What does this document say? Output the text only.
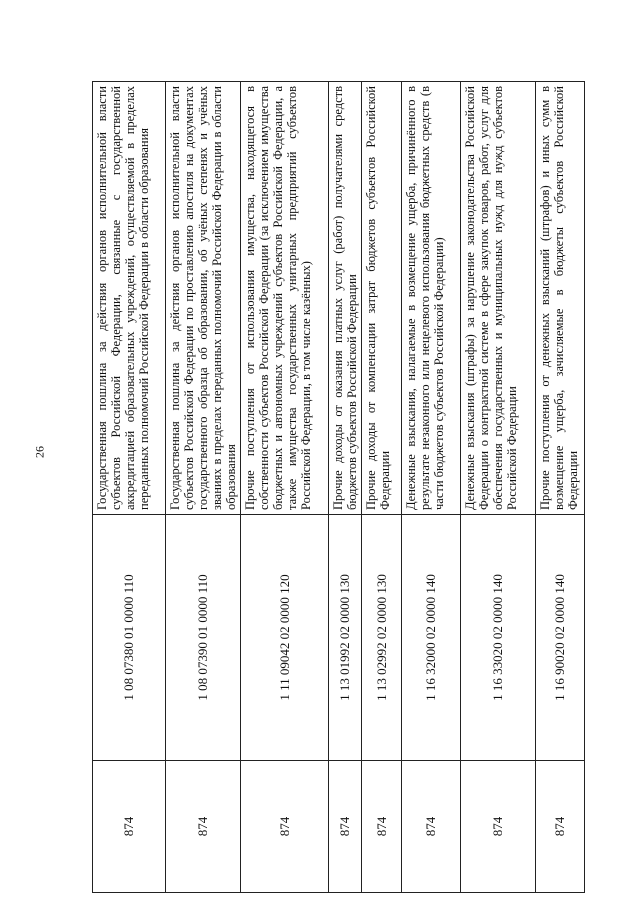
26
874	1 08 07380 01 0000 110	Государственная пошлина за действия органов исполнительной власти субъектов Российской Федерации, связанные с государственной аккредитацией образовательных учреждений, осуществляемой в пределах переданных полномочий Российской Федерации в области образования
874	1 08 07390 01 0000 110	Государственная пошлина за действия органов исполнительной власти субъектов Российской Федерации по проставлению апостиля на документах государственного образца об образовании, об учёных степенях и учёных званиях в пределах переданных полномочий Российской Федерации в области образования
874	1 11 09042 02 0000 120	Прочие поступления от использования имущества, находящегося в собственности субъектов Российской Федерации (за исключением имущества бюджетных и автономных учреждений субъектов Российской Федерации, а также имущества государственных унитарных предприятий субъектов Российской Федерации, в том числе казённых)
874	1 13 01992 02 0000 130	Прочие доходы от оказания платных услуг (работ) получателями средств бюджетов субъектов Российской Федерации
874	1 13 02992 02 0000 130	Прочие доходы от компенсации затрат бюджетов субъектов Российской Федерации
874	1 16 32000 02 0000 140	Денежные взыскания, налагаемые в возмещение ущерба, причинённого в результате незаконного или нецелевого использования бюджетных средств (в части бюджетов субъектов Российской Федерации)
874	1 16 33020 02 0000 140	Денежные взыскания (штрафы) за нарушение законодательства Российской Федерации о контрактной системе в сфере закупок товаров, работ, услуг для обеспечения государственных и муниципальных нужд для нужд субъектов Российской Федерации
874	1 16 90020 02 0000 140	Прочие поступления от денежных взысканий (штрафов) и иных сумм в возмещение ущерба, зачисляемые в бюджеты субъектов Российской Федерации
